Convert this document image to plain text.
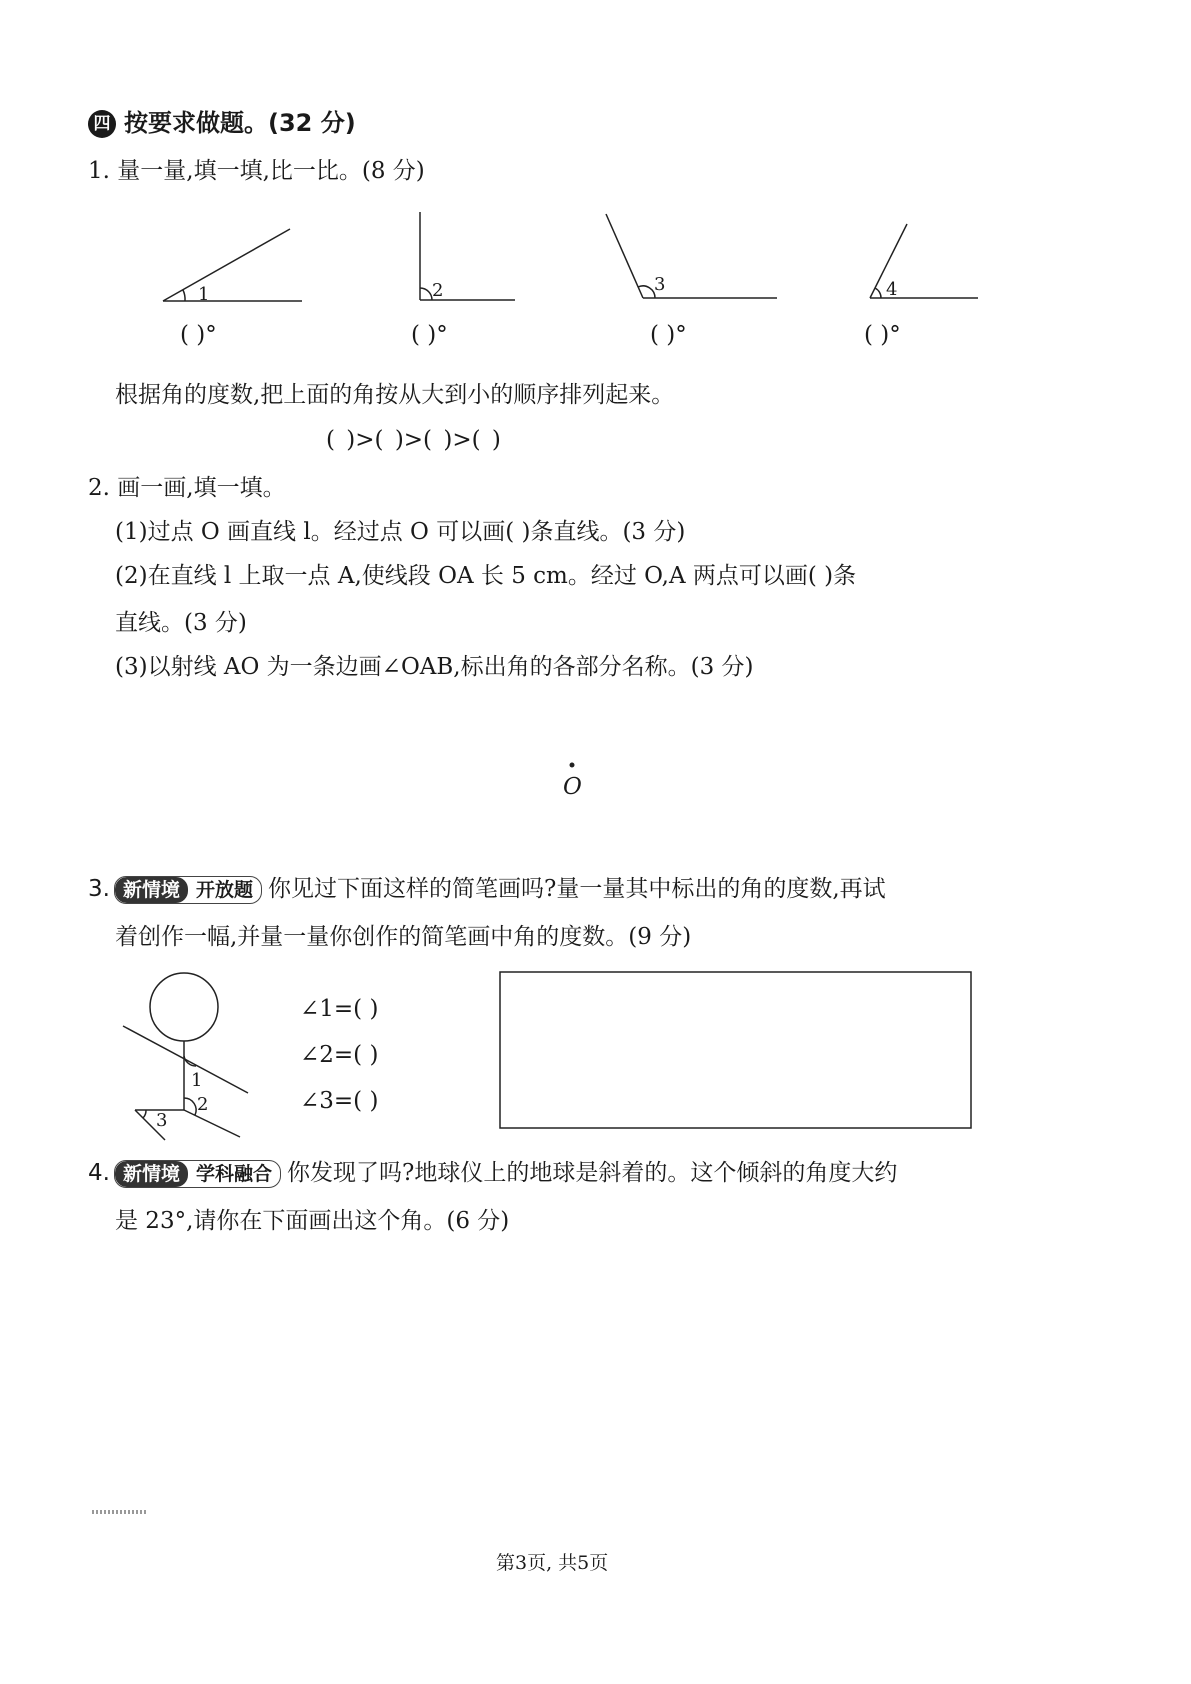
四 按要求做题。(32 分)
1. 量一量,填一填,比一比。(8 分)
1	2	3	4
( )°	( )°	( )°	( )°
根据角的度数,把上面的角按从大到小的顺序排列起来。
( )>( )>( )>( )
2. 画一画,填一填。
(1)过点 O 画直线 l。经过点 O 可以画( )条直线。(3 分)
(2)在直线 l 上取一点 A,使线段 OA 长 5 cm。经过 O,A 两点可以画( )条
直线。(3 分)
(3)以射线 AO 为一条边画∠OAB,标出角的各部分名称。(3 分)
O
3. 新情境 开放题 你见过下面这样的简笔画吗?量一量其中标出的角的度数,再试
着创作一幅,并量一量你创作的简笔画中角的度数。(9 分)
1
2
3
∠1=( )
∠2=( )
∠3=( )
4. 新情境 学科融合 你发现了吗?地球仪上的地球是斜着的。这个倾斜的角度大约
是 23°,请你在下面画出这个角。(6 分)
第3页, 共5页
